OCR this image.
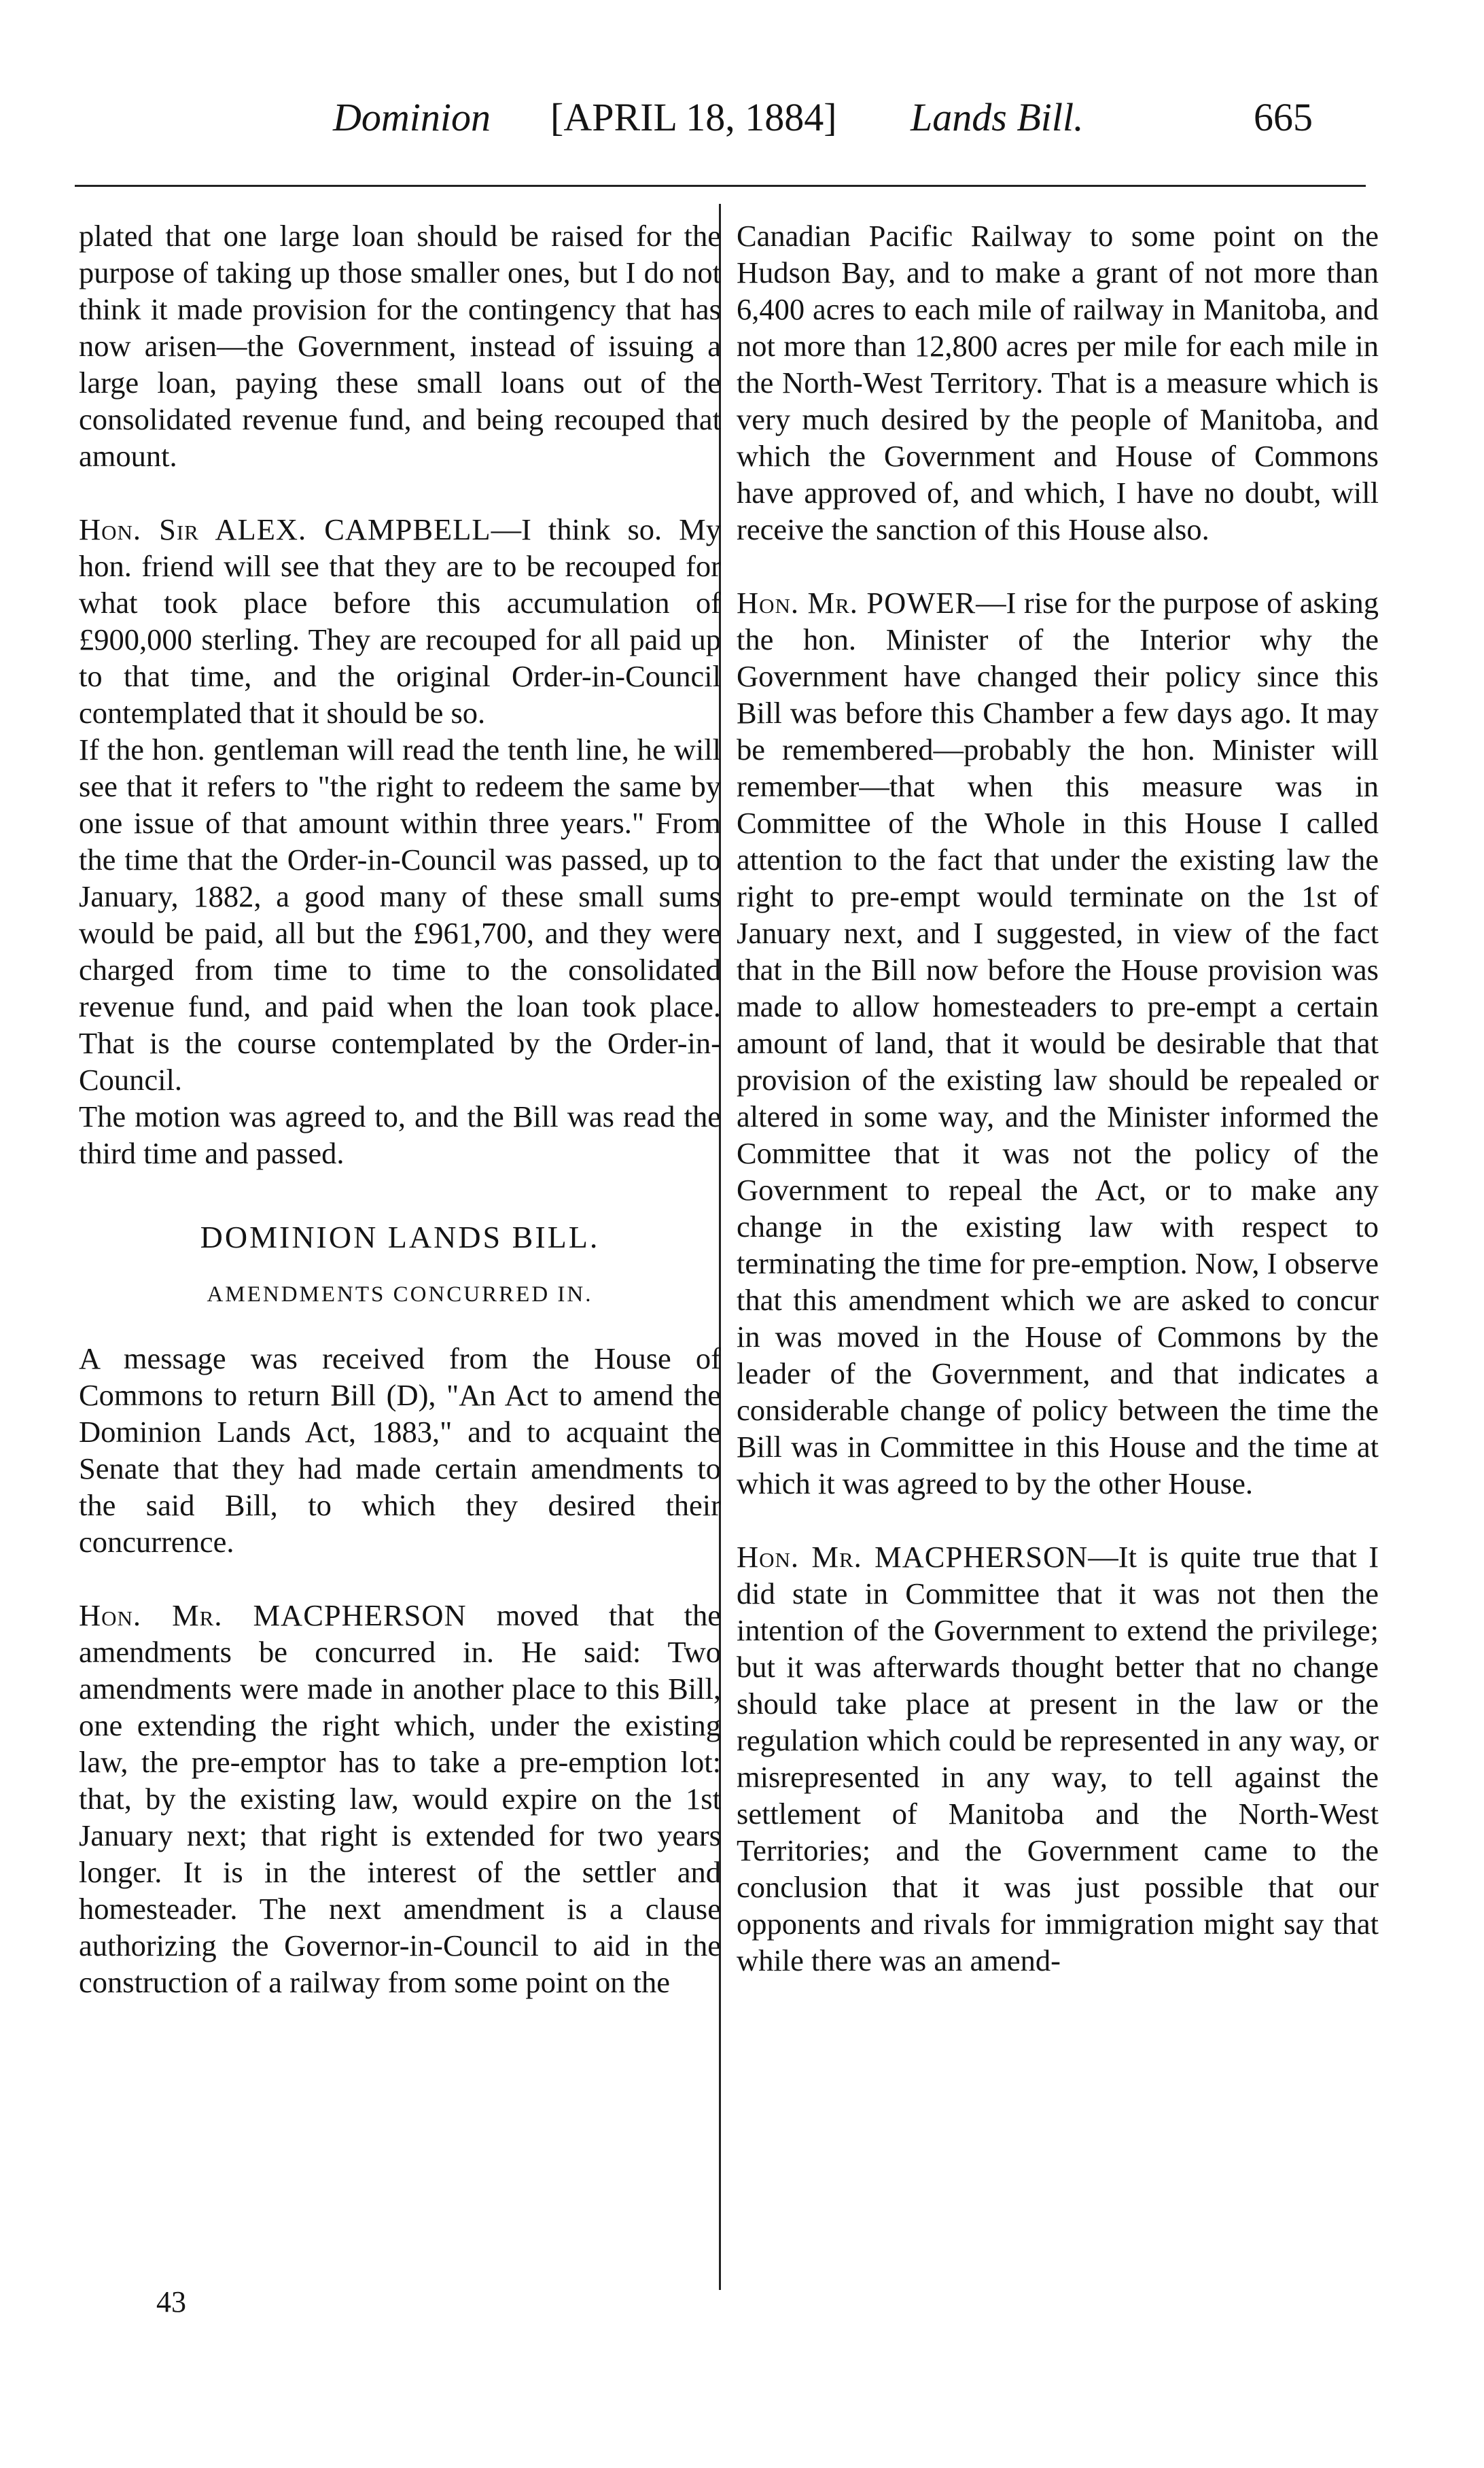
Dominion [APRIL 18, 1884] Lands Bill.	665

plated that one large loan should be raised for the purpose of taking up those smaller ones, but I do not think it made provision for the contingency that has now arisen—the Government, instead of issuing a large loan, paying these small loans out of the consolidated revenue fund, and being recouped that amount.

Hon. Sir ALEX. CAMPBELL—I think so. My hon. friend will see that they are to be recouped for what took place before this accumulation of £900,000 sterling. They are recouped for all paid up to that time, and the original Order-in-Council contemplated that it should be so.

If the hon. gentleman will read the tenth line, he will see that it refers to "the right to redeem the same by one issue of that amount within three years." From the time that the Order-in-Council was passed, up to January, 1882, a good many of these small sums would be paid, all but the £961,700, and they were charged from time to time to the consolidated revenue fund, and paid when the loan took place. That is the course contemplated by the Order-in-Council.

The motion was agreed to, and the Bill was read the third time and passed.

DOMINION LANDS BILL.
AMENDMENTS CONCURRED IN.

A message was received from the House of Commons to return Bill (D), "An Act to amend the Dominion Lands Act, 1883," and to acquaint the Senate that they had made certain amendments to the said Bill, to which they desired their concurrence.

Hon. Mr. MACPHERSON moved that the amendments be concurred in. He said: Two amendments were made in another place to this Bill, one extending the right which, under the existing law, the pre-emptor has to take a pre-emption lot: that, by the existing law, would expire on the 1st January next; that right is extended for two years longer. It is in the interest of the settler and homesteader. The next amendment is a clause authorizing the Governor-in-Council to aid in the construction of a railway from some point on the

Canadian Pacific Railway to some point on the Hudson Bay, and to make a grant of not more than 6,400 acres to each mile of railway in Manitoba, and not more than 12,800 acres per mile for each mile in the North-West Territory. That is a measure which is very much desired by the people of Manitoba, and which the Government and House of Commons have approved of, and which, I have no doubt, will receive the sanction of this House also.

Hon. Mr. POWER—I rise for the purpose of asking the hon. Minister of the Interior why the Government have changed their policy since this Bill was before this Chamber a few days ago. It may be remembered—probably the hon. Minister will remember—that when this measure was in Committee of the Whole in this House I called attention to the fact that under the existing law the right to pre-empt would terminate on the 1st of January next, and I suggested, in view of the fact that in the Bill now before the House provision was made to allow homesteaders to pre-empt a certain amount of land, that it would be desirable that that provision of the existing law should be repealed or altered in some way, and the Minister informed the Committee that it was not the policy of the Government to repeal the Act, or to make any change in the existing law with respect to terminating the time for pre-emption. Now, I observe that this amendment which we are asked to concur in was moved in the House of Commons by the leader of the Government, and that indicates a considerable change of policy between the time the Bill was in Committee in this House and the time at which it was agreed to by the other House.

Hon. Mr. MACPHERSON—It is quite true that I did state in Committee that it was not then the intention of the Government to extend the privilege; but it was afterwards thought better that no change should take place at present in the law or the regulation which could be represented in any way, or misrepresented in any way, to tell against the settlement of Manitoba and the North-West Territories; and the Government came to the conclusion that it was just possible that our opponents and rivals for immigration might say that while there was an amend-

43
